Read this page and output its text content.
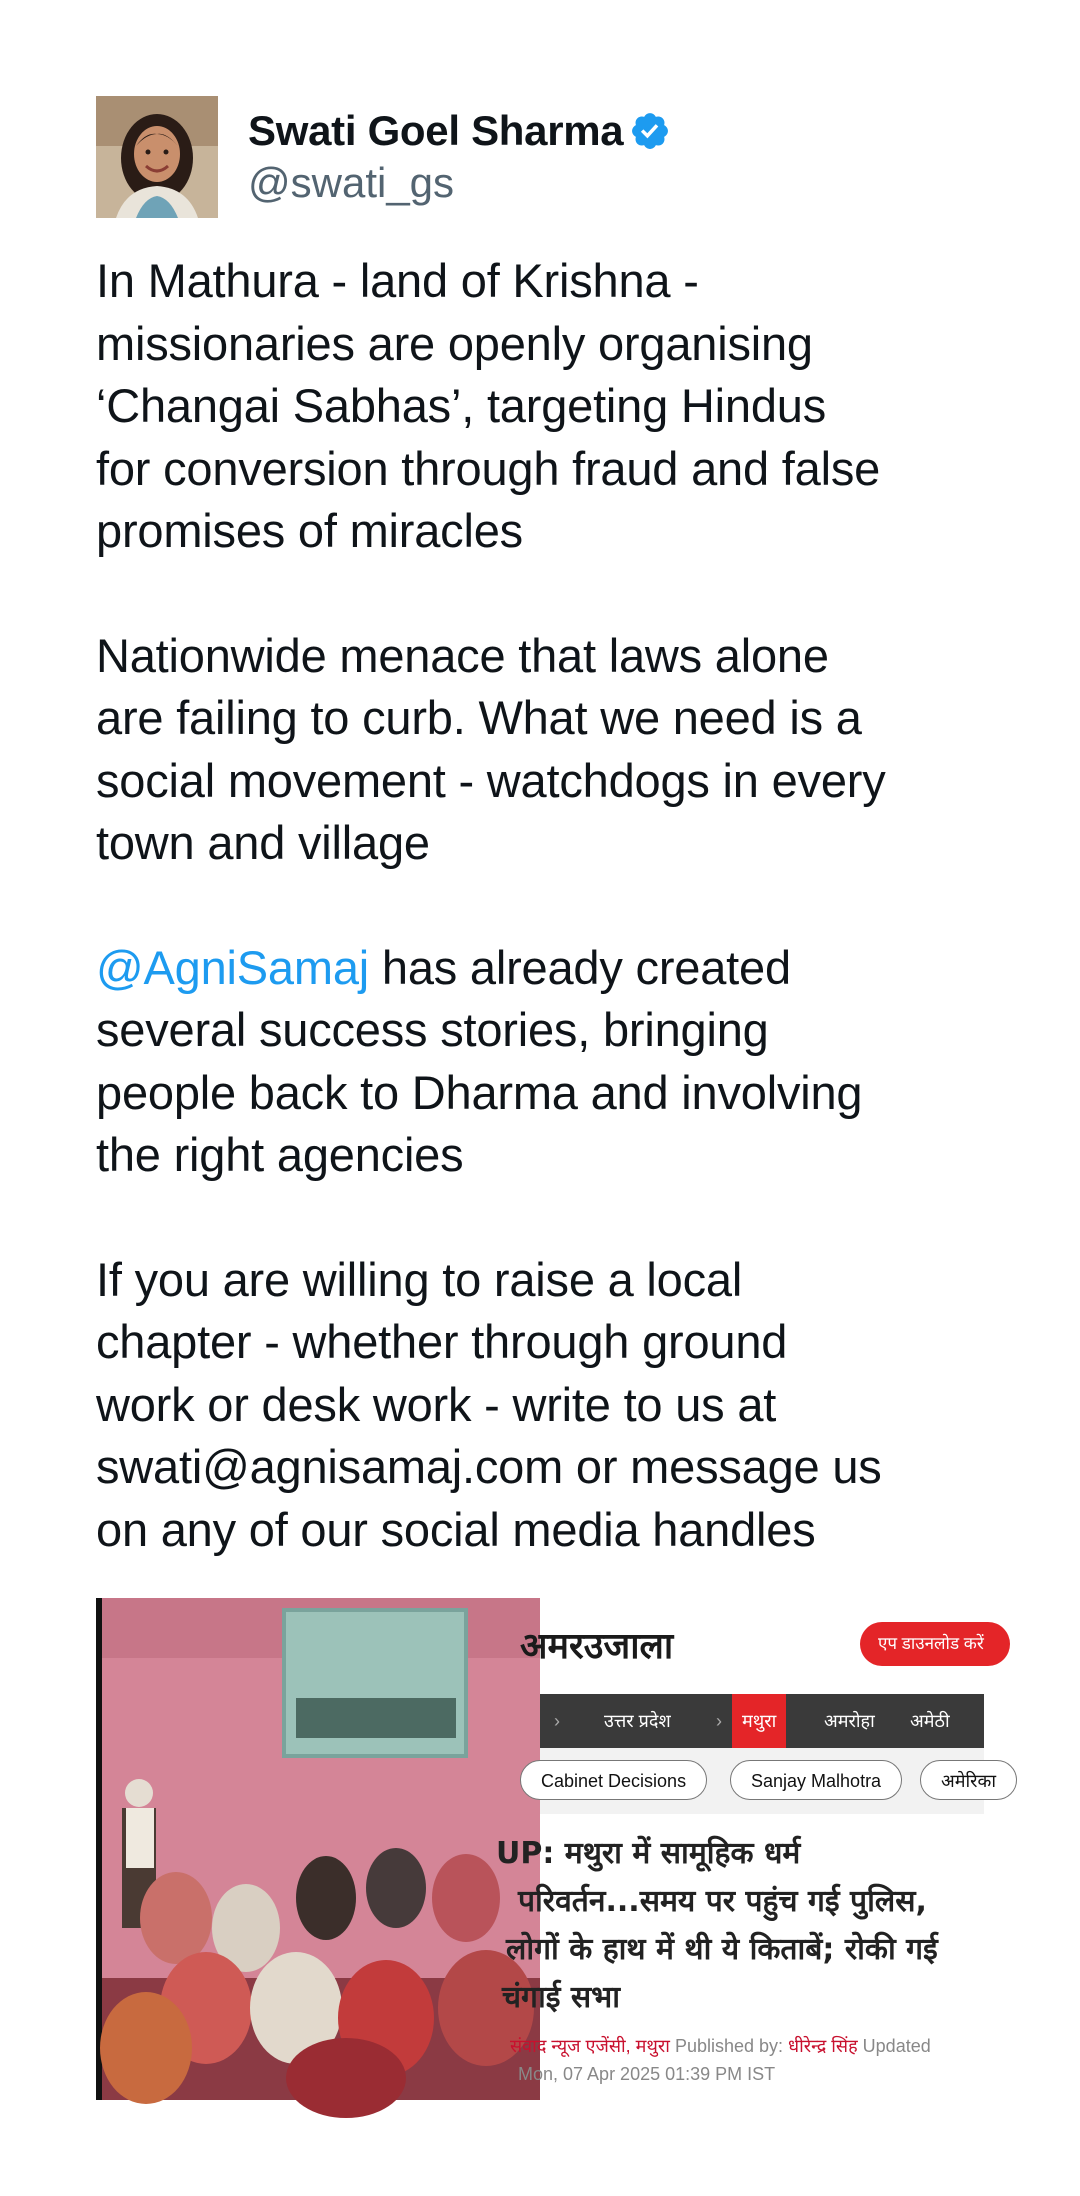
Swati Goel Sharma
@swati_gs

In Mathura - land of Krishna -
missionaries are openly organising
‘Changai Sabhas’, targeting Hindus
for conversion through fraud and false
promises of miracles

Nationwide menace that laws alone
are failing to curb. What we need is a
social movement - watchdogs in every
town and village

@AgniSamaj has already created
several success stories, bringing
people back to Dharma and involving
the right agencies

If you are willing to raise a local
chapter - whether through ground
work or desk work - write to us at
swati@agnisamaj.com or message us
on any of our social media handles

अमरउजाला	एप डाउनलोड करें
› उत्तर प्रदेश	›	मथुरा	अमरोहा अमेठी
Cabinet Decisions	Sanjay Malhotra	अमेरिका
UP: मथुरा में सामूहिक धर्म
परिवर्तन...समय पर पहुंच गई पुलिस,
लोगों के हाथ में थी ये किताबें; रोकी गई
चंगाई सभा
संवाद न्यूज एजेंसी, मथुरा Published by: धीरेन्द्र सिंह Updated
Mon, 07 Apr 2025 01:39 PM IST
